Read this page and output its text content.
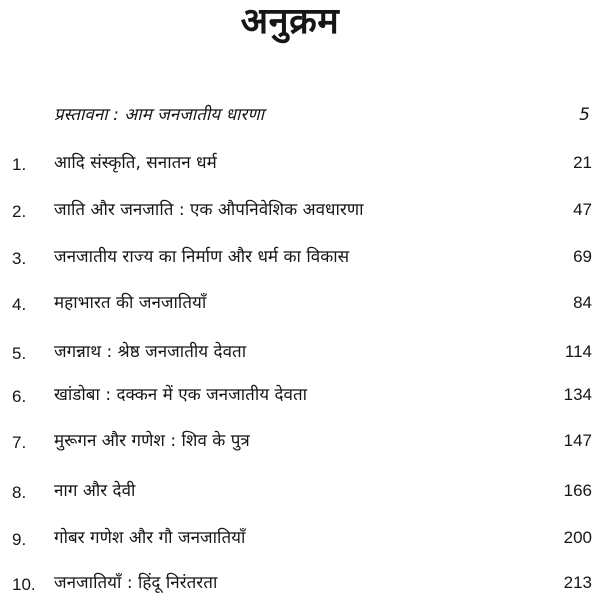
अनुक्रम
प्रस्तावना : आम जनजातीय धारणा	5
1.	आदि संस्कृति, सनातन धर्म	21
2.	जाति और जनजाति : एक औपनिवेशिक अवधारणा	47
3.	जनजातीय राज्य का निर्माण और धर्म का विकास	69
4.	महाभारत की जनजातियाँ	84
5.	जगन्नाथ : श्रेष्ठ जनजातीय देवता	114
6.	खांडोबा : दक्कन में एक जनजातीय देवता	134
7.	मुरूगन और गणेश : शिव के पुत्र	147
8.	नाग और देवी	166
9.	गोबर गणेश और गौ जनजातियाँ	200
10.	जनजातियाँ : हिंदू निरंतरता	213
